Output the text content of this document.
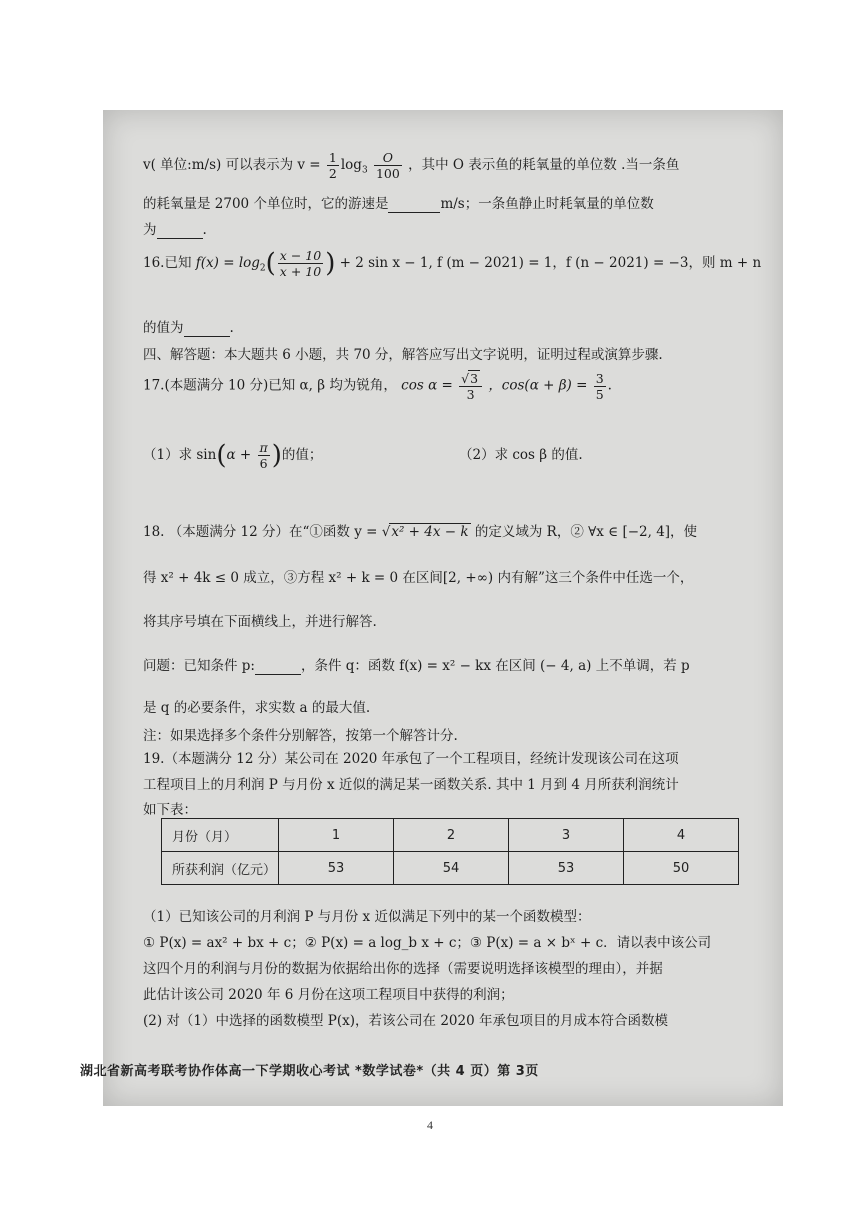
v( 单位:m/s) 可以表示为 $v = \frac{1}{2} \log_3 \frac{O}{100}$ ，其中 O 表示鱼的耗氧量的单位数 .当一条鱼
的耗氧量是 2700 个单位时，它的游速是	m/s；一条鱼静止时耗氧量的单位数
为	.
16.已知 $f(x) = \log_2( \frac{x - 10}{x + 10}$ ) + 2 sin x − 1, f (m − 2021) = 1，f (n − 2021) = −3，则 m + n
的值为	.
四、解答题：本大题共 6 小题，共 70 分，解答应写出文字说明，证明过程或演算步骤.
17.(本题满分 10 分)已知 α, β 均为锐角， $\cos \alpha = \frac{√3}{3}$ ，$\cos(\alpha + \beta) = \frac{3}{5}$ .
（1）求 $\sin(\alpha + \frac{\pi}{6}$ )的值；	（2）求 cos β 的值.
18. （本题满分 12 分）在“①函数 y = √x² + 4x − k 的定义域为 R，② ∀x ∈ [−2, 4]，使
得 x² + 4k ≤ 0 成立，③方程 x² + k = 0 在区间[2, +∞) 内有解”这三个条件中任选一个，
将其序号填在下面横线上，并进行解答.
问题：已知条件 p:	，条件 q：函数 f(x) = x² − kx 在区间 (− 4, a) 上不单调，若 p
是 q 的必要条件，求实数 a 的最大值.
注：如果选择多个条件分别解答，按第一个解答计分.
19.（本题满分 12 分）某公司在 2020 年承包了一个工程项目，经统计发现该公司在这项
工程项目上的月利润 P 与月份 x 近似的满足某一函数关系. 其中 1 月到 4 月所获利润统计
如下表：
月份（月）	1	2	3	4
所获利润（亿元）	53	54	53	50
（1）已知该公司的月利润 P 与月份 x 近似满足下列中的某一个函数模型：
① P(x) = ax² + bx + c；② P(x) = a log_b x + c；③ P(x) = a × bˣ + c．请以表中该公司
这四个月的利润与月份的数据为依据给出你的选择（需要说明选择该模型的理由），并据
此估计该公司 2020 年 6 月份在这项工程项目中获得的利润；
(2) 对（1）中选择的函数模型 P(x)，若该公司在 2020 年承包项目的月成本符合函数模
湖北省新高考联考协作体高一下学期收心考试 *数学试卷*（共 4 页）第 3页
4
